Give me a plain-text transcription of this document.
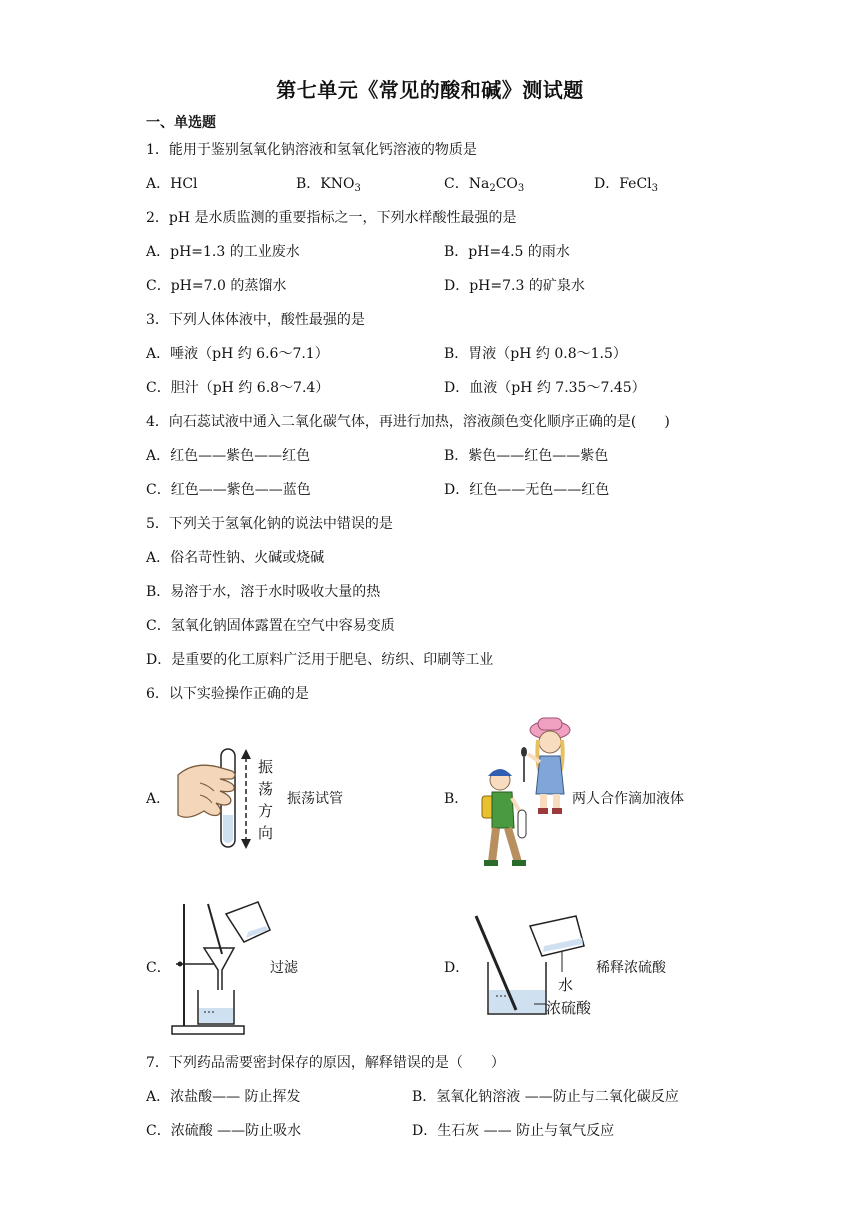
第七单元《常见的酸和碱》测试题
一、单选题
1．能用于鉴别氢氧化钠溶液和氢氧化钙溶液的物质是
A．HCl	B．$KNO_3$	C．$Na_2CO_3$	D．FeCl$_3$
2．pH 是水质监测的重要指标之一，下列水样酸性最强的是
A．pH=1.3 的工业废水	B．pH=4.5 的雨水
C．pH=7.0 的蒸馏水	D．pH=7.3 的矿泉水
3．下列人体体液中，酸性最强的是
A．唾液（pH 约 6.6～7.1）	B．胃液（pH 约 0.8～1.5）
C．胆汁（pH 约 6.8～7.4）	D．血液（pH 约 7.35～7.45）
4．向石蕊试液中通入二氧化碳气体，再进行加热，溶液颜色变化顺序正确的是(　　)
A．红色——紫色——红色	B．紫色——红色——紫色
C．红色——紫色——蓝色	D．红色——无色——红色
5．下列关于氢氧化钠的说法中错误的是
A．俗名苛性钠、火碱或烧碱
B．易溶于水，溶于水时吸收大量的热
C．氢氧化钠固体露置在空气中容易变质
D．是重要的化工原料广泛用于肥皂、纺织、印刷等工业
6．以下实验操作正确的是
A．
振
荡
方
向
振荡试管	B．	两人合作滴加液体
C．	过滤	D．
水
浓硫酸
稀释浓硫酸
7．下列药品需要密封保存的原因，解释错误的是（　　）
A．浓盐酸—— 防止挥发	B．氢氧化钠溶液 ——防止与二氧化碳反应
C．浓硫酸 ——防止吸水	D．生石灰 —— 防止与氧气反应
